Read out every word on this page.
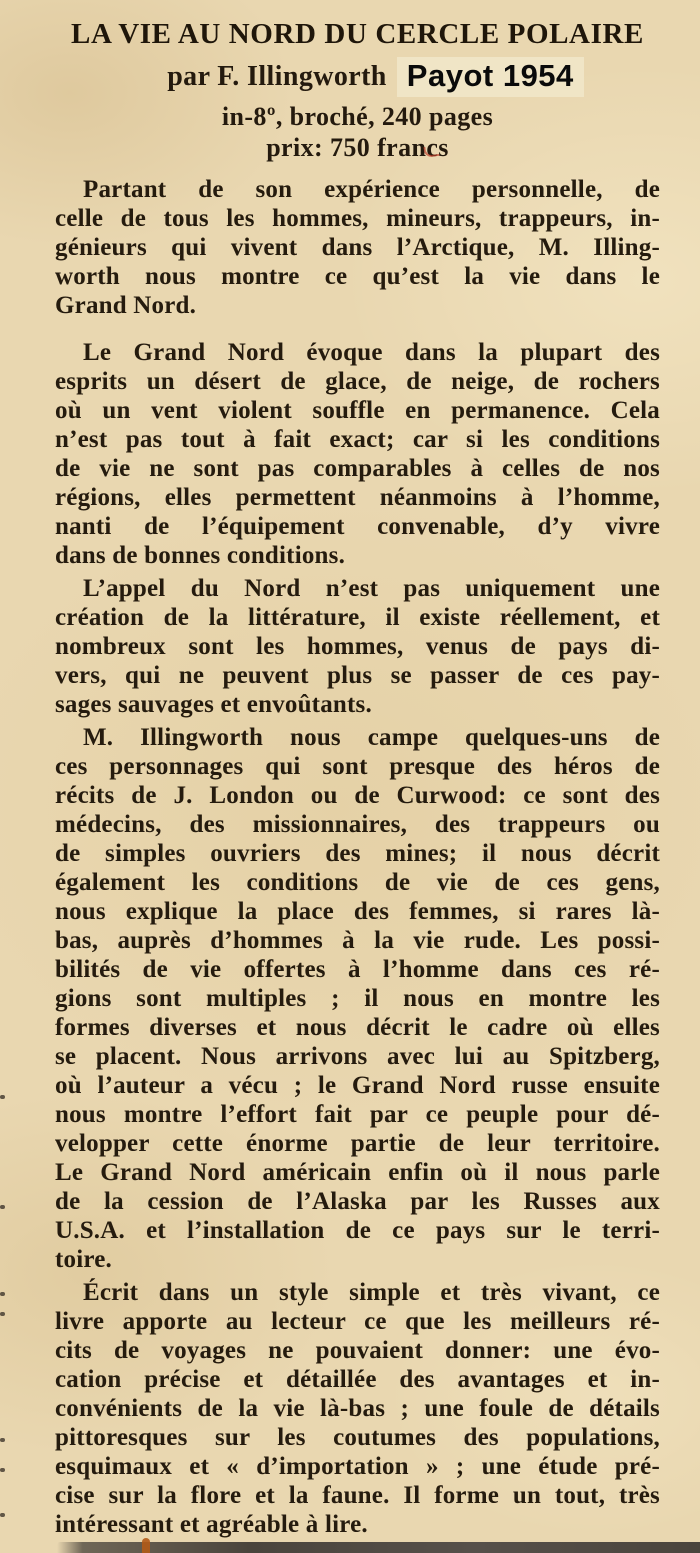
LA VIE AU NORD DU CERCLE POLAIRE
par F. Illingworth Payot 1954
in-8º, broché, 240 pages
prix: 750 francs
Partant de son expérience personnelle, de
celle de tous les hommes, mineurs, trappeurs, in-
génieurs qui vivent dans l’Arctique, M. Illing-
worth nous montre ce qu’est la vie dans le
Grand Nord.
Le Grand Nord évoque dans la plupart des
esprits un désert de glace, de neige, de rochers
où un vent violent souffle en permanence. Cela
n’est pas tout à fait exact; car si les conditions
de vie ne sont pas comparables à celles de nos
régions, elles permettent néanmoins à l’homme,
nanti de l’équipement convenable, d’y vivre
dans de bonnes conditions.
L’appel du Nord n’est pas uniquement une
création de la littérature, il existe réellement, et
nombreux sont les hommes, venus de pays di-
vers, qui ne peuvent plus se passer de ces pay-
sages sauvages et envoûtants.
M. Illingworth nous campe quelques-uns de
ces personnages qui sont presque des héros de
récits de J. London ou de Curwood: ce sont des
médecins, des missionnaires, des trappeurs ou
de simples ouvriers des mines; il nous décrit
également les conditions de vie de ces gens,
nous explique la place des femmes, si rares là-
bas, auprès d’hommes à la vie rude. Les possi-
bilités de vie offertes à l’homme dans ces ré-
gions sont multiples ; il nous en montre les
formes diverses et nous décrit le cadre où elles
se placent. Nous arrivons avec lui au Spitzberg,
où l’auteur a vécu ; le Grand Nord russe ensuite
nous montre l’effort fait par ce peuple pour dé-
velopper cette énorme partie de leur territoire.
Le Grand Nord américain enfin où il nous parle
de la cession de l’Alaska par les Russes aux
U.S.A. et l’installation de ce pays sur le terri-
toire.
Écrit dans un style simple et très vivant, ce
livre apporte au lecteur ce que les meilleurs ré-
cits de voyages ne pouvaient donner: une évo-
cation précise et détaillée des avantages et in-
convénients de la vie là-bas ; une foule de détails
pittoresques sur les coutumes des populations,
esquimaux et « d’importation » ; une étude pré-
cise sur la flore et la faune. Il forme un tout, très
intéressant et agréable à lire.
